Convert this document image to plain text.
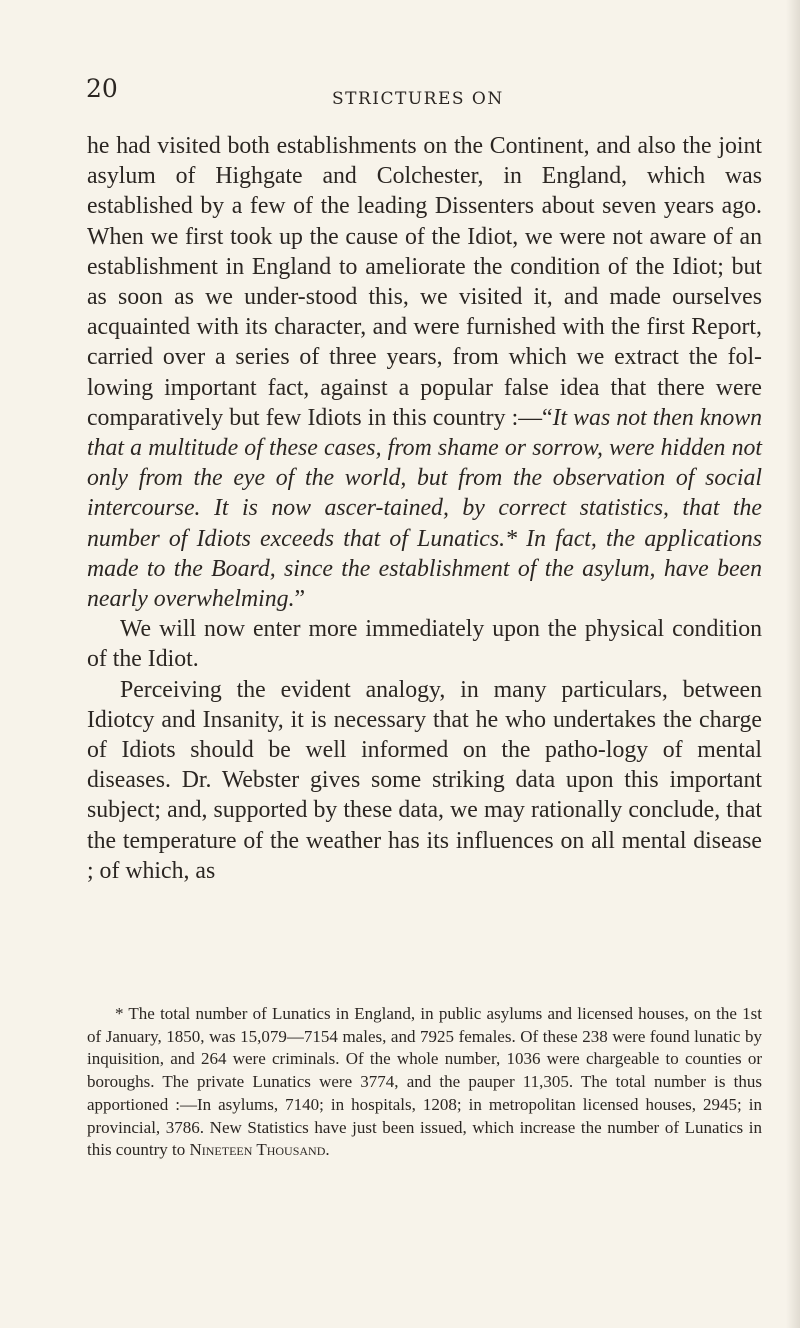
20	STRICTURES ON

he had visited both establishments on the Continent, and also the joint asylum of Highgate and Colchester, in England, which was established by a few of the leading Dissenters about seven years ago. When we first took up the cause of the Idiot, we were not aware of an establishment in England to ameliorate the condition of the Idiot; but as soon as we under-stood this, we visited it, and made ourselves acquainted with its character, and were furnished with the first Report, carried over a series of three years, from which we extract the fol-lowing important fact, against a popular false idea that there were comparatively but few Idiots in this country :—“It was not then known that a multitude of these cases, from shame or sorrow, were hidden not only from the eye of the world, but from the observation of social intercourse. It is now ascer-tained, by correct statistics, that the number of Idiots exceeds that of Lunatics.* In fact, the applications made to the Board, since the establishment of the asylum, have been nearly overwhelming.”

We will now enter more immediately upon the physical condition of the Idiot.

Perceiving the evident analogy, in many particulars, between Idiotcy and Insanity, it is necessary that he who undertakes the charge of Idiots should be well informed on the patho-logy of mental diseases. Dr. Webster gives some striking data upon this important subject; and, supported by these data, we may rationally conclude, that the temperature of the weather has its influences on all mental disease ; of which, as

* The total number of Lunatics in England, in public asylums and licensed houses, on the 1st of January, 1850, was 15,079—7154 males, and 7925 females. Of these 238 were found lunatic by inquisition, and 264 were criminals. Of the whole number, 1036 were chargeable to counties or boroughs. The private Lunatics were 3774, and the pauper 11,305. The total number is thus apportioned :—In asylums, 7140; in hospitals, 1208; in metropolitan licensed houses, 2945; in provincial, 3786. New Statistics have just been issued, which increase the number of Lunatics in this country to Nineteen Thousand.
